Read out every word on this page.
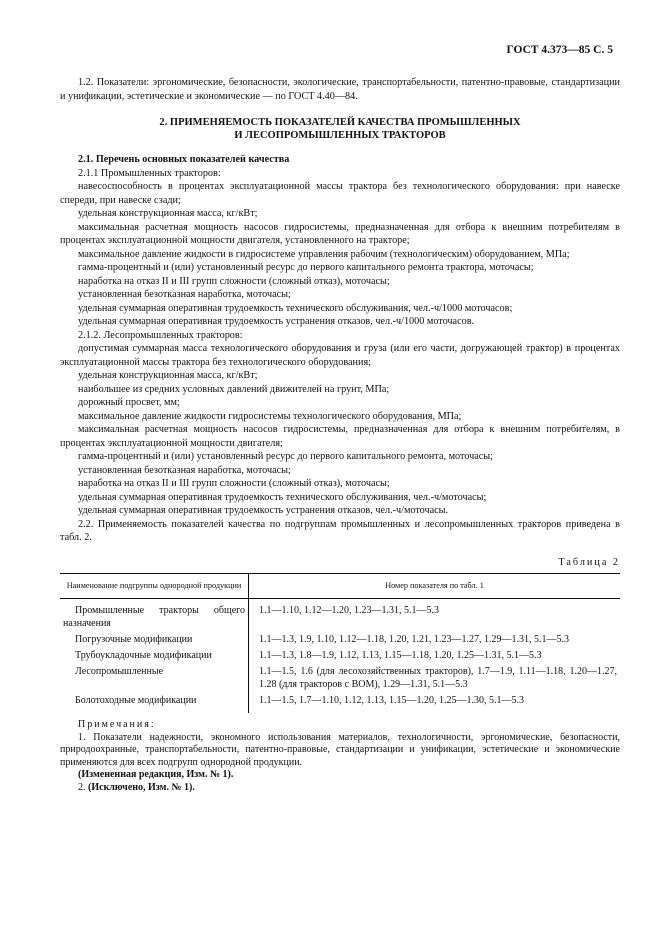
ГОСТ 4.373—85 С. 5

1.2. Показатели: эргономические, безопасности, экологические, транспортабельности, патентно-правовые, стандартизации и унификации, эстетические и экономические — по ГОСТ 4.40—84.

2. ПРИМЕНЯЕМОСТЬ ПОКАЗАТЕЛЕЙ КАЧЕСТВА ПРОМЫШЛЕННЫХ
И ЛЕСОПРОМЫШЛЕННЫХ ТРАКТОРОВ

2.1. Перечень основных показателей качества

2.1.1 Промышленных тракторов:

навесоспособность в процентах эксплуатационной массы трактора без технологического оборудования: при навеске спереди, при навеске сзади;

удельная конструкционная масса, кг/кВт;

максимальная расчетная мощность насосов гидросистемы, предназначенная для отбора к внешним потребителям в процентах эксплуатационной мощности двигателя, установленного на тракторе;

максимальное давление жидкости в гидросистеме управления рабочим (технологическим) оборудованием, МПа;

гамма-процентный и (или) установленный ресурс до первого капитального ремонта трактора, моточасы;

наработка на отказ II и III групп сложности (сложный отказ), моточасы;

установленная безотказная наработка, моточасы;

удельная суммарная оперативная трудоемкость технического обслуживания, чел.-ч/1000 моточасов;

удельная суммарная оперативная трудоемкость устранения отказов, чел.-ч/1000 моточасов.

2.1.2. Лесопромышленных тракторов:

допустимая суммарная масса технологического оборудования и груза (или его части, догружающей трактор) в процентах эксплуатационной массы трактора без технологического оборудования;

удельная конструкционная масса, кг/кВт;

наибольшее из средних условных давлений движителей на грунт, МПа;

дорожный просвет, мм;

максимальное давление жидкости гидросистемы технологического оборудования, МПа;

максимальная расчетная мощность насосов гидросистемы, предназначенная для отбора к внешним потребителям, в процентах эксплуатационной мощности двигателя;

гамма-процентный и (или) установленный ресурс до первого капитального ремонта, моточасы;

установленная безотказная наработка, моточасы;

наработка на отказ II и III групп сложности (сложный отказ), моточасы;

удельная суммарная оперативная трудоемкость технического обслуживания, чел.-ч/моточасы;

удельная суммарная оперативная трудоемкость устранения отказов, чел.-ч/моточасы.

2.2. Применяемость показателей качества по подгруппам промышленных и лесопромышленных тракторов приведена в табл. 2.

Таблица 2
Наименование подгруппы однородной продукции	Номер показателя по табл. 1
Промышленные тракторы общего назначения	1.1—1.10, 1.12—1.20, 1.23—1.31, 5.1—5.3
Погрузочные модификации	1.1—1.3, 1.9, 1.10, 1.12—1.18, 1.20, 1.21, 1.23—1.27, 1.29—1.31, 5.1—5.3
Трубоукладочные модификации	1.1—1.3, 1.8—1.9, 1.12, 1.13, 1.15—1.18, 1.20, 1.25—1.31, 5.1—5.3
Лесопромышленные	1.1—1.5, 1.6 (для лесохозяйственных тракторов), 1.7—1.9, 1.11—1.18, 1.20—1.27, 1.28 (для тракторов с ВОМ), 1.29—1.31, 5.1—5.3
Болотоходные модификации	1.1—1.5, 1.7—1.10, 1.12, 1.13, 1.15—1.20, 1.25—1.30, 5.1—5.3

Примечания:

1. Показатели надежности, экономного использования материалов, технологичности, эргономические, безопасности, природоохранные, транспортабельности, патентно-правовые, стандартизации и унификации, эстетические и экономические применяются для всех подгрупп однородной продукции.

(Измененная редакция, Изм. № 1).

2. (Исключено, Изм. № 1).
